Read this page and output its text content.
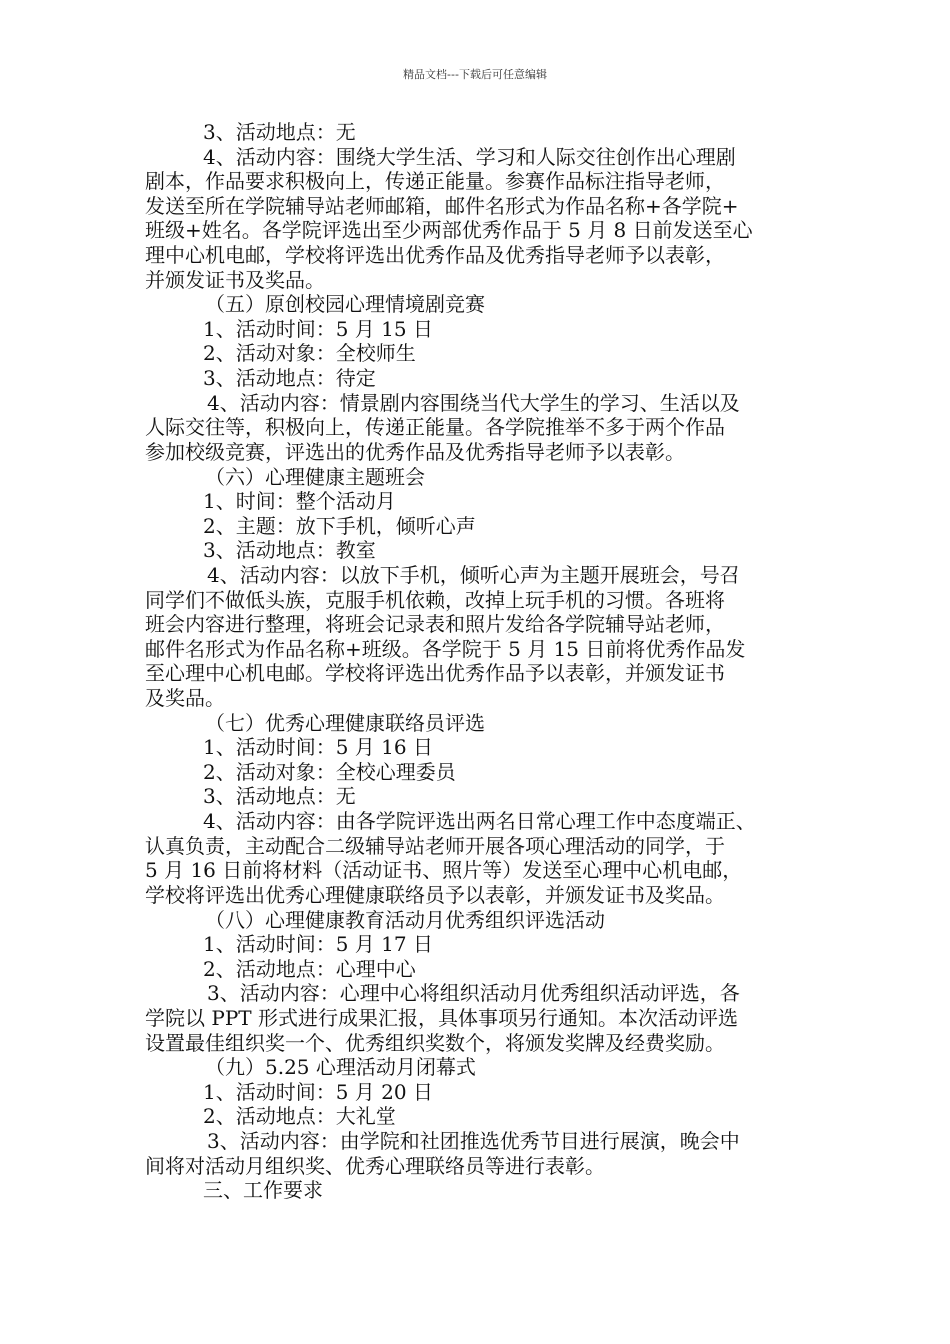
精品文档---下载后可任意编辑
3、活动地点：无
4、活动内容：围绕大学生活、学习和人际交往创作出心理剧
剧本，作品要求积极向上，传递正能量。参赛作品标注指导老师，
发送至所在学院辅导站老师邮箱，邮件名形式为作品名称+各学院+
班级+姓名。各学院评选出至少两部优秀作品于 5 月 8 日前发送至心
理中心机电邮，学校将评选出优秀作品及优秀指导老师予以表彰，
并颁发证书及奖品。
（五）原创校园心理情境剧竞赛
1、活动时间：5 月 15 日
2、活动对象：全校师生
3、活动地点：待定
4、活动内容：情景剧内容围绕当代大学生的学习、生活以及
人际交往等，积极向上，传递正能量。各学院推举不多于两个作品
参加校级竞赛，评选出的优秀作品及优秀指导老师予以表彰。
（六）心理健康主题班会
1、时间：整个活动月
2、主题：放下手机，倾听心声
3、活动地点：教室
4、活动内容：以放下手机，倾听心声为主题开展班会，号召
同学们不做低头族，克服手机依赖，改掉上玩手机的习惯。各班将
班会内容进行整理，将班会记录表和照片发给各学院辅导站老师，
邮件名形式为作品名称+班级。各学院于 5 月 15 日前将优秀作品发
至心理中心机电邮。学校将评选出优秀作品予以表彰，并颁发证书
及奖品。
（七）优秀心理健康联络员评选
1、活动时间：5 月 16 日
2、活动对象：全校心理委员
3、活动地点：无
4、活动内容：由各学院评选出两名日常心理工作中态度端正、
认真负责，主动配合二级辅导站老师开展各项心理活动的同学，于
5 月 16 日前将材料（活动证书、照片等）发送至心理中心机电邮，
学校将评选出优秀心理健康联络员予以表彰，并颁发证书及奖品。
（八）心理健康教育活动月优秀组织评选活动
1、活动时间：5 月 17 日
2、活动地点：心理中心
3、活动内容：心理中心将组织活动月优秀组织活动评选，各
学院以 PPT 形式进行成果汇报，具体事项另行通知。本次活动评选
设置最佳组织奖一个、优秀组织奖数个，将颁发奖牌及经费奖励。
（九）5.25 心理活动月闭幕式
1、活动时间：5 月 20 日
2、活动地点：大礼堂
3、活动内容：由学院和社团推选优秀节目进行展演，晚会中
间将对活动月组织奖、优秀心理联络员等进行表彰。
三、工作要求
